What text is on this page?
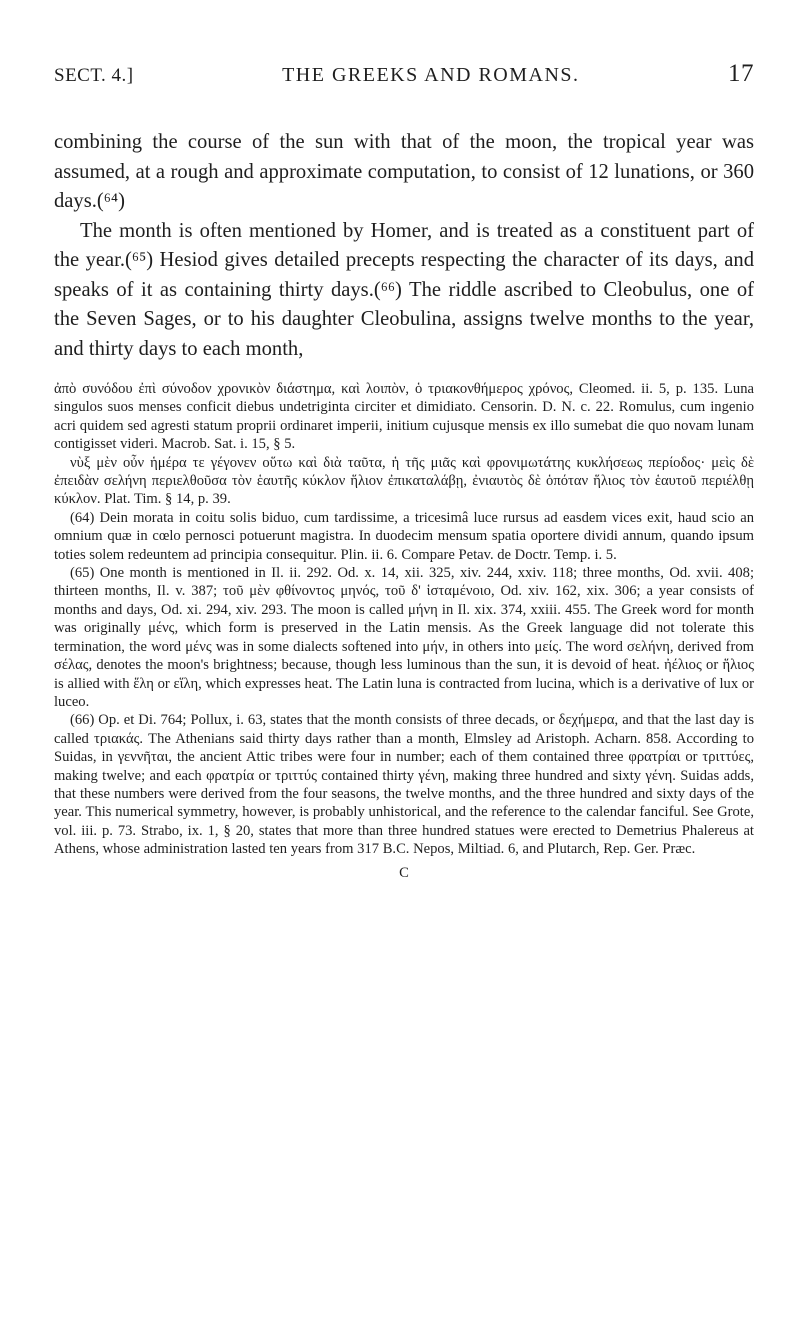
SECT. 4.]	THE GREEKS AND ROMANS.	17

combining the course of the sun with that of the moon, the tropical year was assumed, at a rough and approximate computation, to consist of 12 lunations, or 360 days.(⁶⁴)

The month is often mentioned by Homer, and is treated as a constituent part of the year.(⁶⁵) Hesiod gives detailed precepts respecting the character of its days, and speaks of it as containing thirty days.(⁶⁶) The riddle ascribed to Cleobulus, one of the Seven Sages, or to his daughter Cleobulina, assigns twelve months to the year, and thirty days to each month,

ἀπὸ συνόδου ἐπὶ σύνοδον χρονικὸν διάστημα, καὶ λοιπὸν, ὁ τριακονθήμερος χρόνος, Cleomed. ii. 5, p. 135. Luna singulos suos menses conficit diebus undetriginta circiter et dimidiato. Censorin. D. N. c. 22. Romulus, cum ingenio acri quidem sed agresti statum proprii ordinaret imperii, initium cujusque mensis ex illo sumebat die quo novam lunam contigisset videri. Macrob. Sat. i. 15, § 5.

νὺξ μὲν οὖν ἡμέρα τε γέγονεν οὕτω καὶ διὰ ταῦτα, ἡ τῆς μιᾶς καὶ φρονιμωτάτης κυκλήσεως περίοδος· μεὶς δὲ ἐπειδὰν σελήνη περιελθοῦσα τὸν ἑαυτῆς κύκλον ἥλιον ἐπικαταλάβῃ, ἐνιαυτὸς δὲ ὁπόταν ἥλιος τὸν ἑαυτοῦ περιέλθῃ κύκλον. Plat. Tim. § 14, p. 39.

(64) Dein morata in coitu solis biduo, cum tardissime, a tricesimâ luce rursus ad easdem vices exit, haud scio an omnium quæ in cœlo pernosci potuerunt magistra. In duodecim mensum spatia oportere dividi annum, quando ipsum toties solem redeuntem ad principia consequitur. Plin. ii. 6. Compare Petav. de Doctr. Temp. i. 5.

(65) One month is mentioned in Il. ii. 292. Od. x. 14, xii. 325, xiv. 244, xxiv. 118; three months, Od. xvii. 408; thirteen months, Il. v. 387; τοῦ μὲν φθίνοντος μηνός, τοῦ δ' ἱσταμένοιο, Od. xiv. 162, xix. 306; a year consists of months and days, Od. xi. 294, xiv. 293. The moon is called μήνη in Il. xix. 374, xxiii. 455. The Greek word for month was originally μένς, which form is preserved in the Latin mensis. As the Greek language did not tolerate this termination, the word μένς was in some dialects softened into μήν, in others into μείς. The word σελήνη, derived from σέλας, denotes the moon's brightness; because, though less luminous than the sun, it is devoid of heat. ἠέλιος or ἥλιος is allied with ἕλη or εἵλη, which expresses heat. The Latin luna is contracted from lucina, which is a derivative of lux or luceo.

(66) Op. et Di. 764; Pollux, i. 63, states that the month consists of three decads, or δεχήμερα, and that the last day is called τριακάς. The Athenians said thirty days rather than a month, Elmsley ad Aristoph. Acharn. 858. According to Suidas, in γεννῆται, the ancient Attic tribes were four in number; each of them contained three φρατρίαι or τριττύες, making twelve; and each φρατρία or τριττύς contained thirty γένη, making three hundred and sixty γένη. Suidas adds, that these numbers were derived from the four seasons, the twelve months, and the three hundred and sixty days of the year. This numerical symmetry, however, is probably unhistorical, and the reference to the calendar fanciful. See Grote, vol. iii. p. 73. Strabo, ix. 1, § 20, states that more than three hundred statues were erected to Demetrius Phalereus at Athens, whose administration lasted ten years from 317 B.C. Nepos, Miltiad. 6, and Plutarch, Rep. Ger. Præc.

C
